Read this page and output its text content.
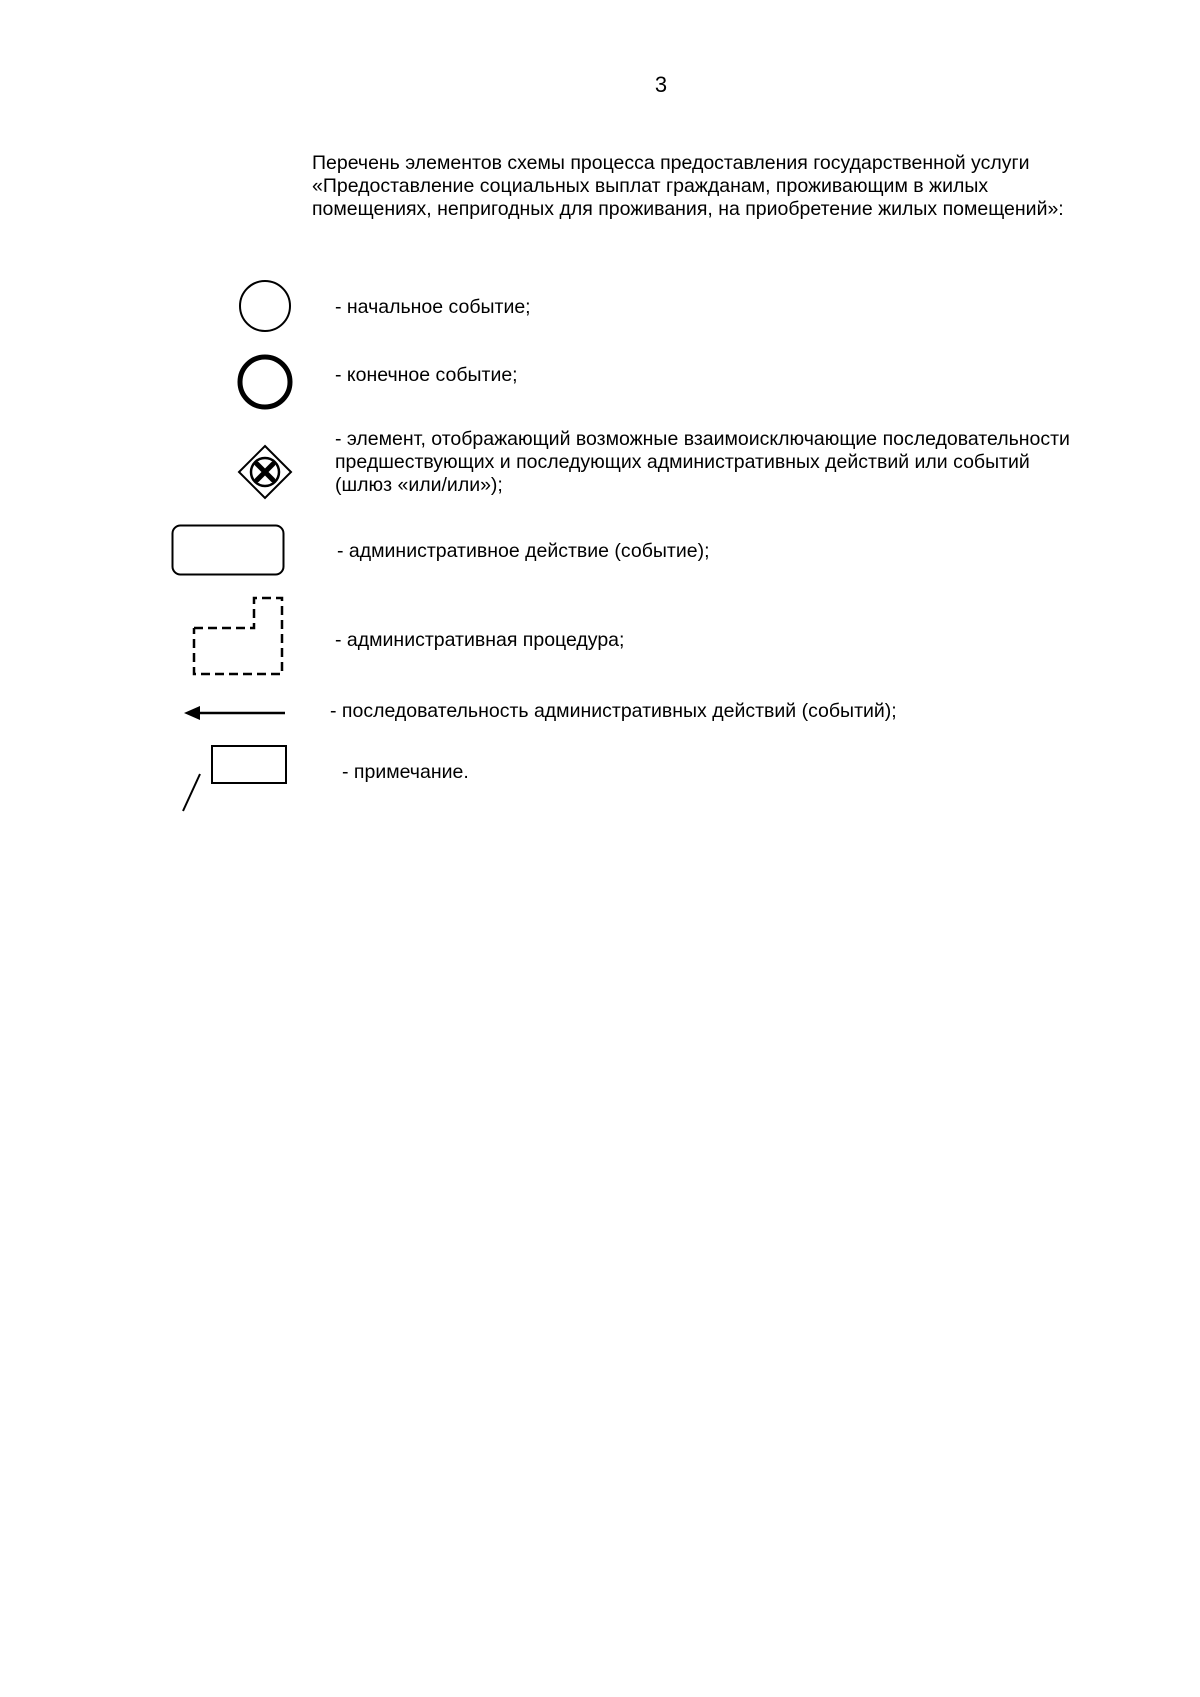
3
Перечень элементов схемы процесса предоставления государственной услуги
«Предоставление социальных выплат гражданам, проживающим в жилых
помещениях, непригодных для проживания, на приобретение жилых помещений»:
- начальное событие;
- конечное событие;
- элемент, отображающий возможные взаимоисключающие последовательности
предшествующих и последующих административных действий или событий
(шлюз «или/или»);
- административное действие (событие);
- административная процедура;
- последовательность административных действий (событий);
- примечание.
